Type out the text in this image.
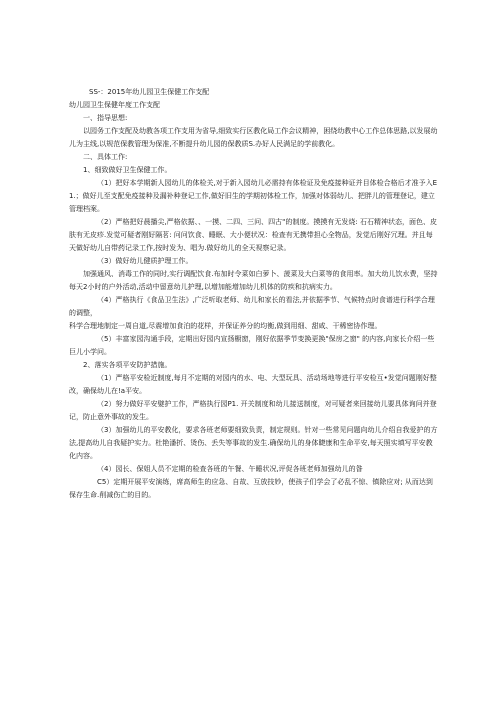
SS-：2015年幼儿园卫生保健工作支配

幼儿园卫生保健年度工作支配

一、指导思想:

以园务工作支配及幼教各项工作支用为省导,细致实行区教化局工作会议精神，困绕幼教中心工作总体思路,以发展幼儿为主线,以规范保教管理为保准,不断提升幼儿园的保教质S.办好人民满足的学前教化。

二、具体工作:

1、细致做好卫生保健工作。

（1）把好本学期新人园幼儿的体检关,对于新入园幼儿必需持有体检证及免疫接种证并目体检合格后才准予入E1.；做好儿至支配免疫接种及漏补种登记工作,做好旧生的学期初体检工作，加强对体弱幼儿、把胖儿的管理登记，建立管理档案。

（2）严格把好晨播尖,严格依据、、一摸、二四、三问、四古"的制度。摸摸有无发烧: 石石精神状态，面色、皮肤有无皮疹.发觉可疑者刚好隔茗: 问问饮食、睡眠、大小便状况：检查有无携带担心全物品，发觉后刚好冗理。并且每天做好幼儿自带药记录工作,按时发为、唱为.做好幼儿的全天视察记录。

（3）做好幼儿健质护理工作。

加强通风、消毒工作的同时,实行调配饮食.布加时令菜如白萝卜、菠菜及大白菜等的食用率。加大幼儿饮水费，坚持每天2小时的户外活动,活动中留意幼儿护理,以增加能增加幼儿机体的防疾和抗病实力。

（4）严格执行《食品卫生法》,广泛听取老师、幼儿和家长的看法,并依据季节、气候特点时食谱进行科学合理的调整，

科学合理地制定一周自道,尽震增加食泊的花样，并保证养分的均衡,做到用细、甜咸、干稀密协作理。

（5）丰富家园沟通手段，定期出好园内宣扬橱窗，刚好依据季节变换更换"保房之窗" 的内容,向家长介绍一些巨儿小学问。

2、落实各项平安防护措施。

（1）严格平安检近制度,每月不定期的对园内的水、电、大型玩具、活动场地等进行平安检互•发觉问题刚好整改，确保幼儿在!a平安。

（2）努力做好平安嬖护工作，严格执行园P1. 开关制度和幼儿接送制度，对可疑者来回接幼儿要具体询问并登记，防止意外事故的发生。

（3）加强幼儿的平安教化，要求各班老师要细致负责，制定规则。针对一些常见问题向幼儿介绍自我爱护的方法,提高幼儿自我疑护实力。杜艳潘折、烫伤、丢失等事故的发生.确保幼儿的身体睫康和生命平安,每天照实填写平安教化内容。

（4）园长、保姐人员不定期的检查各班的午餐、午睡状况,评促各班老师加强幼儿的昝

C5）定期开展平安演练，席高师生的应急、自故、互放技妙，使孩子们学会了必乱不惊、镇除应对; 从而达到保存生命.削减伤亡的目的。
